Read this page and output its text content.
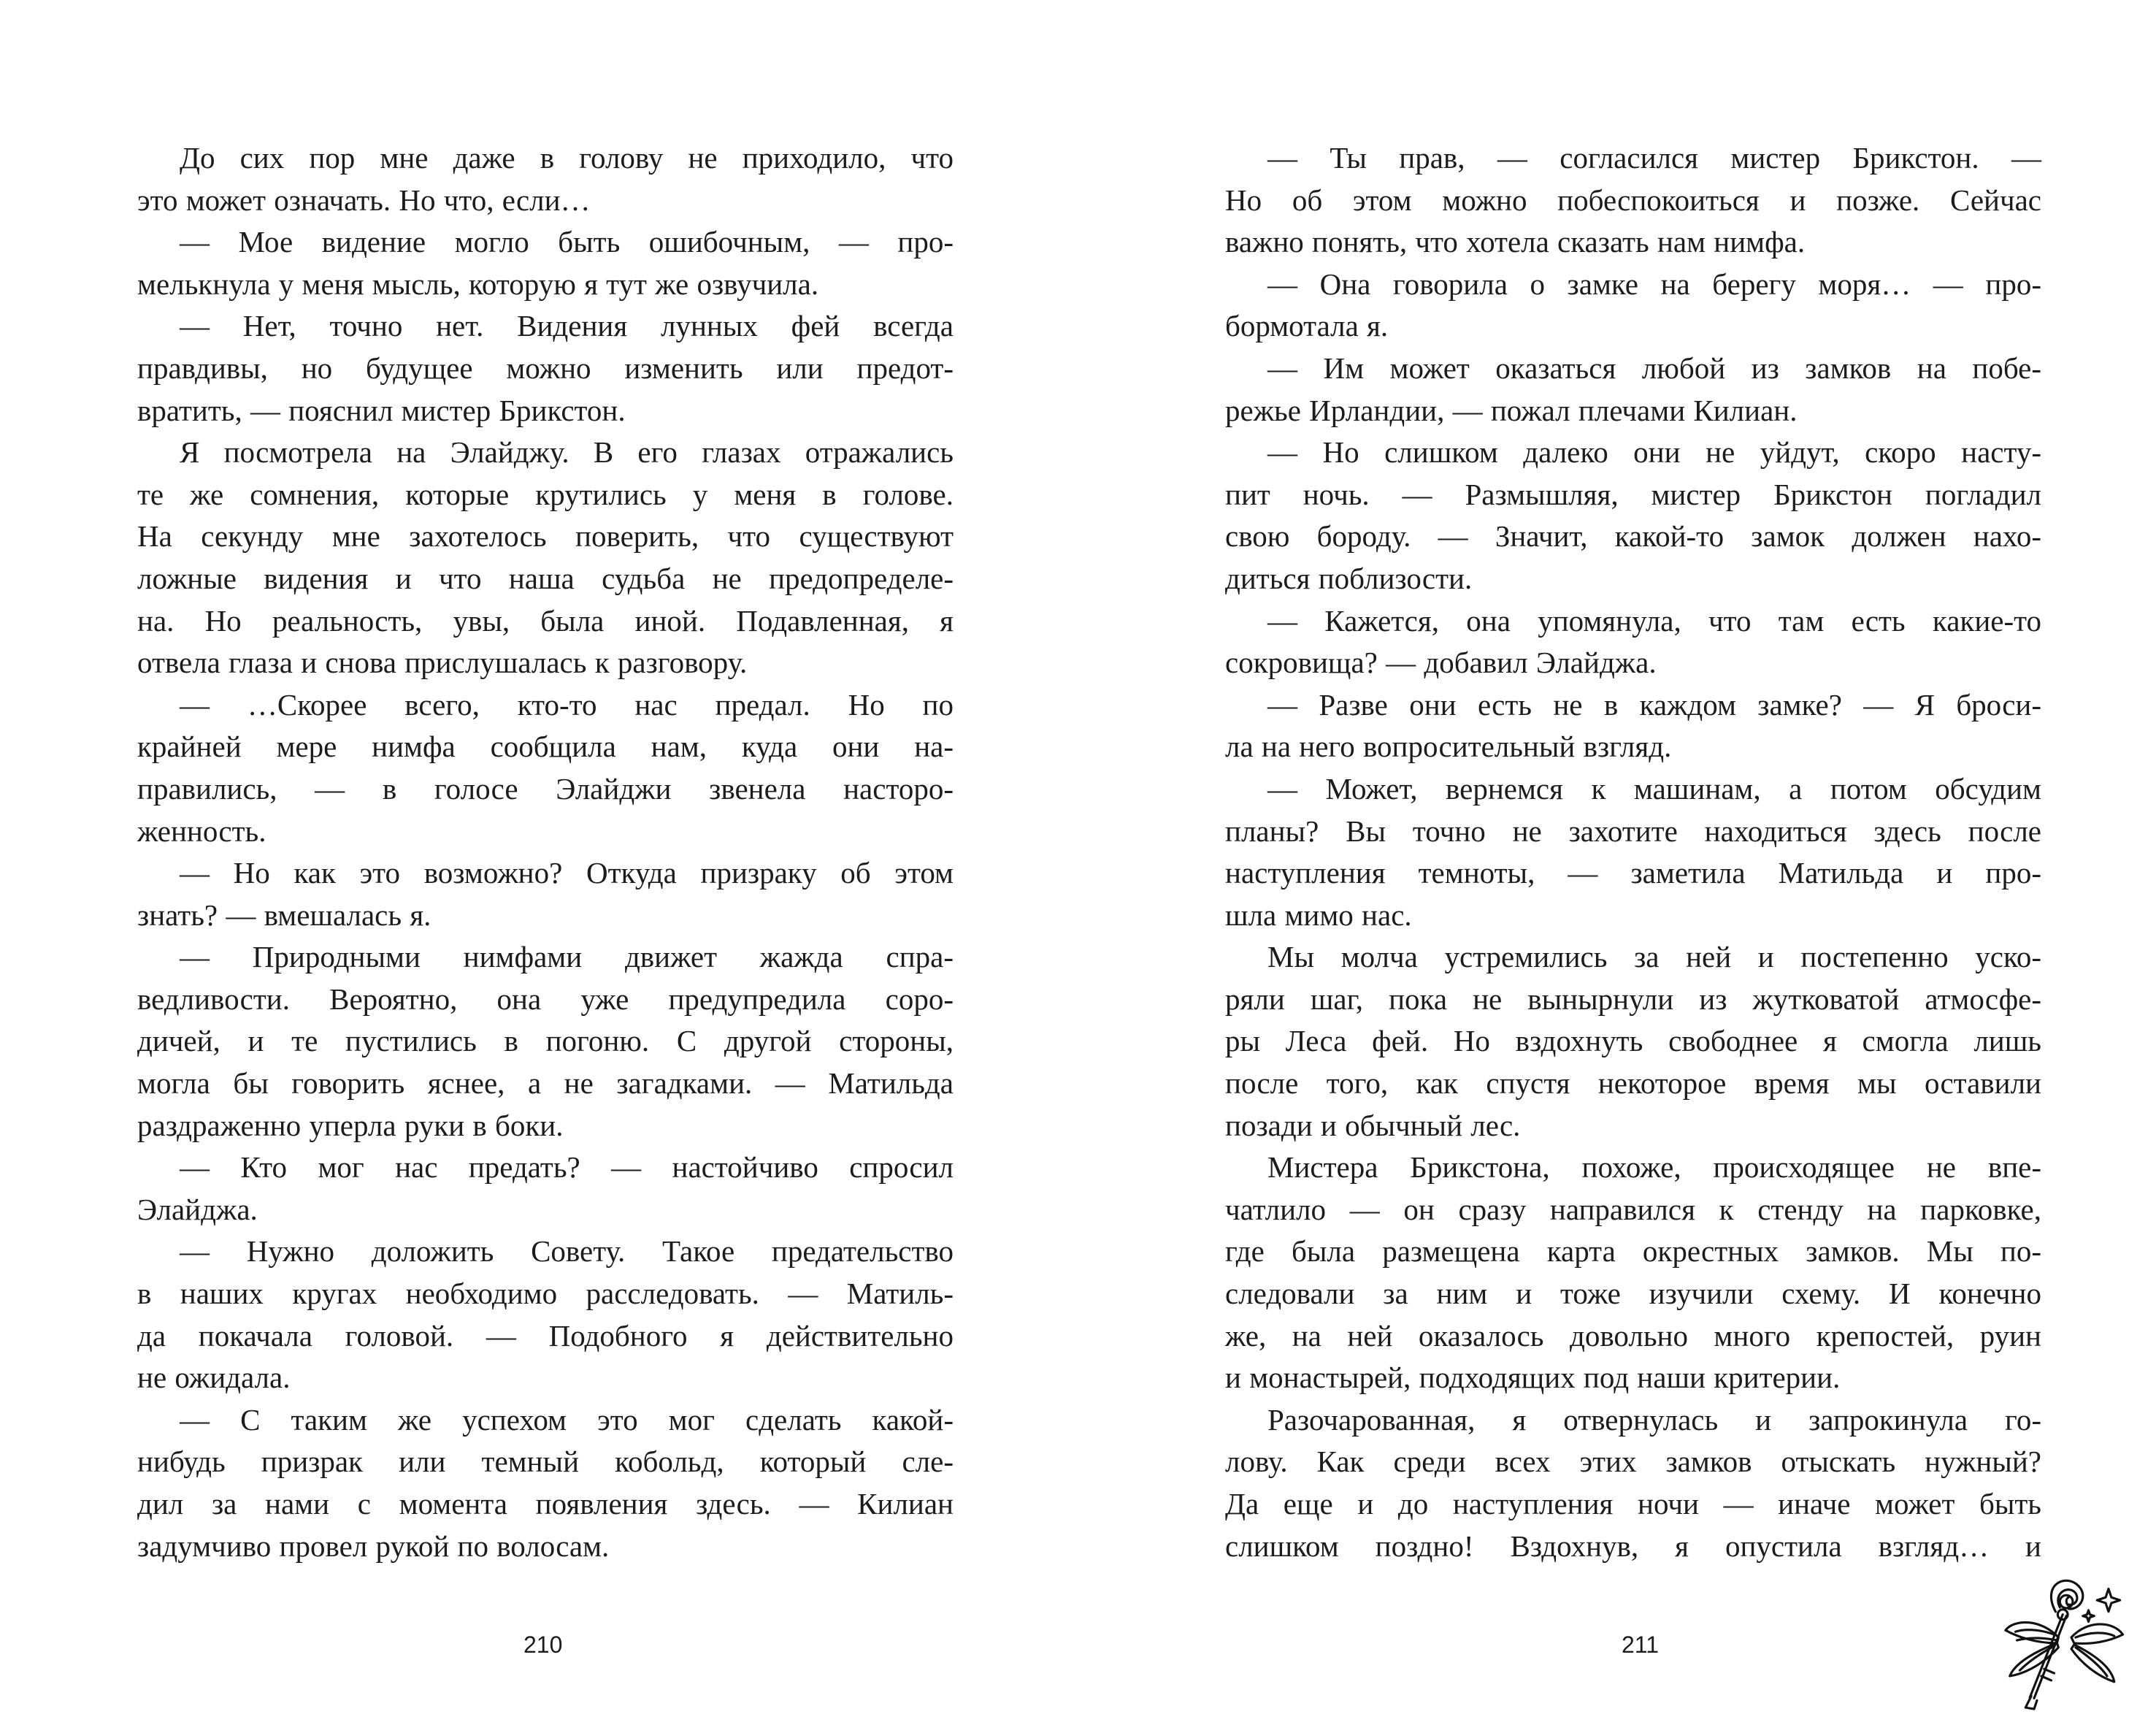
До сих пор мне даже в голову не приходило, что
это может означать. Но что, если…
— Мое видение могло быть ошибочным, — про-
мелькнула у меня мысль, которую я тут же озвучила.
— Нет, точно нет. Видения лунных фей всегда
правдивы, но будущее можно изменить или предот-
вратить, — пояснил мистер Брикстон.
Я посмотрела на Элайджу. В его глазах отражались
те же сомнения, которые крутились у меня в голове.
На секунду мне захотелось поверить, что существуют
ложные видения и что наша судьба не предопределе-
на. Но реальность, увы, была иной. Подавленная, я
отвела глаза и снова прислушалась к разговору.
— …Скорее всего, кто-то нас предал. Но по
крайней мере нимфа сообщила нам, куда они на-
правились, — в голосе Элайджи звенела насторо-
женность.
— Но как это возможно? Откуда призраку об этом
знать? — вмешалась я.
— Природными нимфами движет жажда спра-
ведливости. Вероятно, она уже предупредила соро-
дичей, и те пустились в погоню. С другой стороны,
могла бы говорить яснее, а не загадками. — Матильда
раздраженно уперла руки в боки.
— Кто мог нас предать? — настойчиво спросил
Элайджа.
— Нужно доложить Совету. Такое предательство
в наших кругах необходимо расследовать. — Матиль-
да покачала головой. — Подобного я действительно
не ожидала.
— С таким же успехом это мог сделать какой-
нибудь призрак или темный кобольд, который сле-
дил за нами с момента появления здесь. — Килиан
задумчиво провел рукой по волосам.
210
— Ты прав, — согласился мистер Брикстон. —
Но об этом можно побеспокоиться и позже. Сейчас
важно понять, что хотела сказать нам нимфа.
— Она говорила о замке на берегу моря… — про-
бормотала я.
— Им может оказаться любой из замков на побе-
режье Ирландии, — пожал плечами Килиан.
— Но слишком далеко они не уйдут, скоро насту-
пит ночь. — Размышляя, мистер Брикстон погладил
свою бороду. — Значит, какой-то замок должен нахо-
диться поблизости.
— Кажется, она упомянула, что там есть какие-то
сокровища? — добавил Элайджа.
— Разве они есть не в каждом замке? — Я броси-
ла на него вопросительный взгляд.
— Может, вернемся к машинам, а потом обсудим
планы? Вы точно не захотите находиться здесь после
наступления темноты, — заметила Матильда и про-
шла мимо нас.
Мы молча устремились за ней и постепенно уско-
ряли шаг, пока не вынырнули из жутковатой атмосфе-
ры Леса фей. Но вздохнуть свободнее я смогла лишь
после того, как спустя некоторое время мы оставили
позади и обычный лес.
Мистера Брикстона, похоже, происходящее не впе-
чатлило — он сразу направился к стенду на парковке,
где была размещена карта окрестных замков. Мы по-
следовали за ним и тоже изучили схему. И конечно
же, на ней оказалось довольно много крепостей, руин
и монастырей, подходящих под наши критерии.
Разочарованная, я отвернулась и запрокинула го-
лову. Как среди всех этих замков отыскать нужный?
Да еще и до наступления ночи — иначе может быть
слишком поздно! Вздохнув, я опустила взгляд… и
211
